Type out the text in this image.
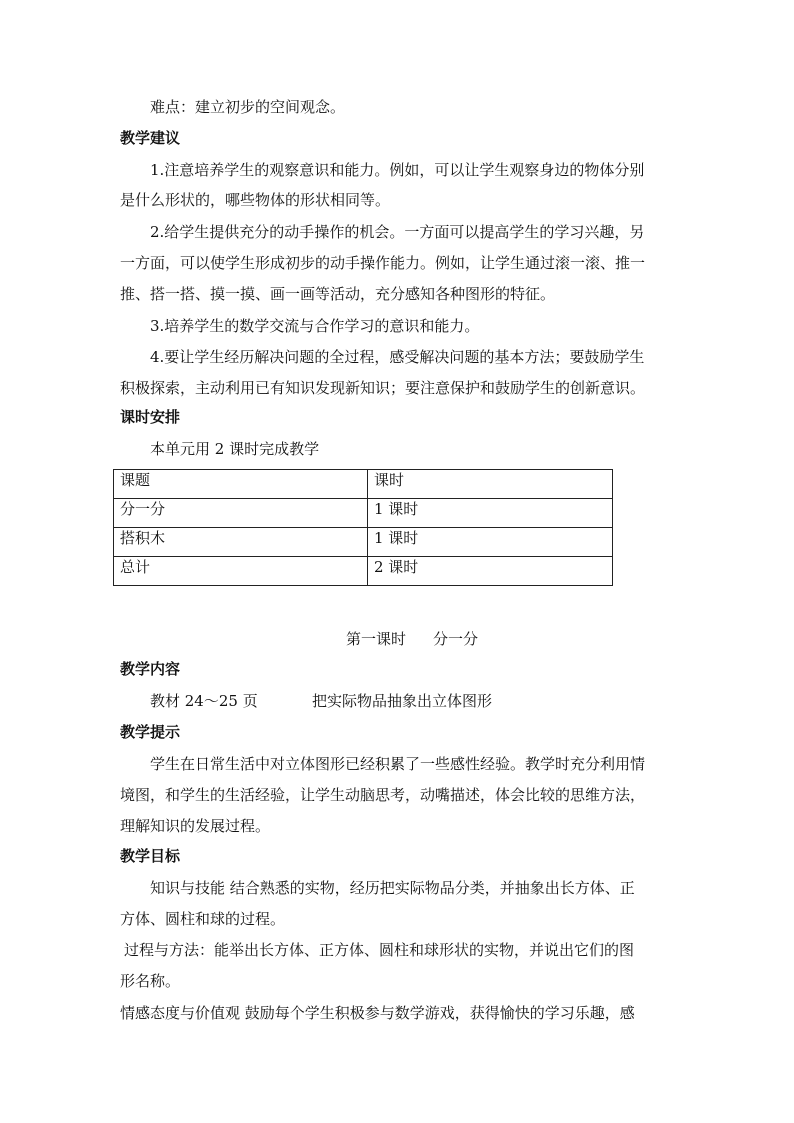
难点：建立初步的空间观念。
教学建议
1.注意培养学生的观察意识和能力。例如，可以让学生观察身边的物体分别
是什么形状的，哪些物体的形状相同等。
2.给学生提供充分的动手操作的机会。一方面可以提高学生的学习兴趣，另
一方面，可以使学生形成初步的动手操作能力。例如，让学生通过滚一滚、推一
推、搭一搭、摸一摸、画一画等活动，充分感知各种图形的特征。
3.培养学生的数学交流与合作学习的意识和能力。
4.要让学生经历解决问题的全过程，感受解决问题的基本方法；要鼓励学生
积极探索，主动利用已有知识发现新知识；要注意保护和鼓励学生的创新意识。
课时安排
本单元用 2 课时完成教学
课题	课时
分一分	1 课时
搭积木	1 课时
总计	2 课时
第一课时 分一分
教学内容
教材 24～25 页	把实际物品抽象出立体图形
教学提示
学生在日常生活中对立体图形已经积累了一些感性经验。教学时充分利用情
境图，和学生的生活经验，让学生动脑思考，动嘴描述，体会比较的思维方法，
理解知识的发展过程。
教学目标
知识与技能 结合熟悉的实物，经历把实际物品分类，并抽象出长方体、正
方体、圆柱和球的过程。
过程与方法：能举出长方体、正方体、圆柱和球形状的实物，并说出它们的图
形名称。
情感态度与价值观 鼓励每个学生积极参与数学游戏，获得愉快的学习乐趣，感
